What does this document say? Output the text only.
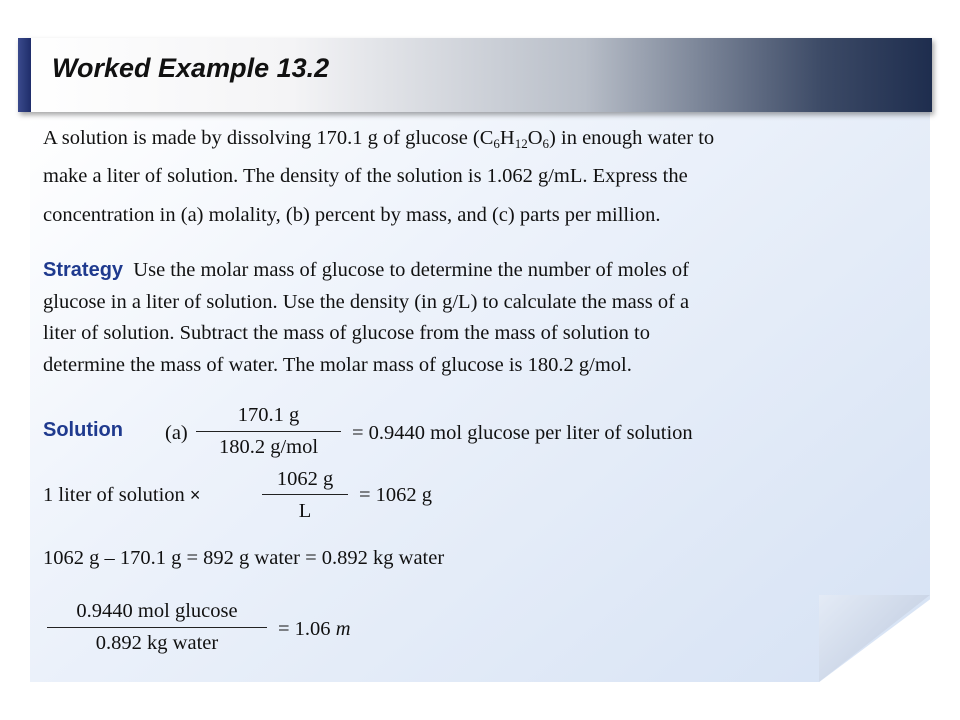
Worked Example 13.2
A solution is made by dissolving 170.1 g of glucose $(C_6H_{12}O_6)$ in enough water to
make a liter of solution. The density of the solution is 1.062 g/mL. Express the
concentration in (a) molality, (b) percent by mass, and (c) parts per million.
Strategy Use the molar mass of glucose to determine the number of moles of
glucose in a liter of solution. Use the density (in g/L) to calculate the mass of a
liter of solution. Subtract the mass of glucose from the mass of solution to
determine the mass of water. The molar mass of glucose is 180.2 g/mol.
Solution (a)
170.1 g
180.2 g/mol
= 0.9440 mol glucose per liter of solution
1 liter of solution ×
1062 g
L
= 1062 g
1062 g – 170.1 g = 892 g water = 0.892 kg water
0.9440 mol glucose
0.892 kg water
= 1.06 m
